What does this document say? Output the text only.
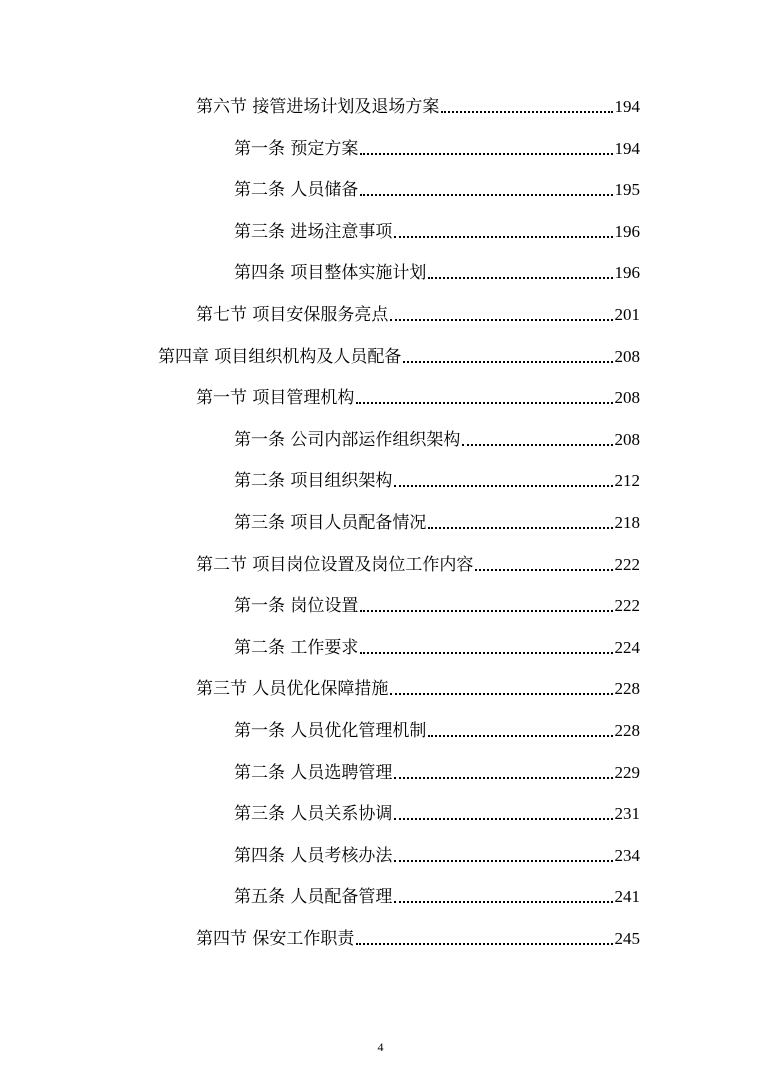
第六节 接管进场计划及退场方案	194
第一条 预定方案	194
第二条 人员储备	195
第三条 进场注意事项	196
第四条 项目整体实施计划	196
第七节 项目安保服务亮点	201
第四章 项目组织机构及人员配备	208
第一节 项目管理机构	208
第一条 公司内部运作组织架构	208
第二条 项目组织架构	212
第三条 项目人员配备情况	218
第二节 项目岗位设置及岗位工作内容	222
第一条 岗位设置	222
第二条 工作要求	224
第三节 人员优化保障措施	228
第一条 人员优化管理机制	228
第二条 人员选聘管理	229
第三条 人员关系协调	231
第四条 人员考核办法	234
第五条 人员配备管理	241
第四节 保安工作职责	245
4
